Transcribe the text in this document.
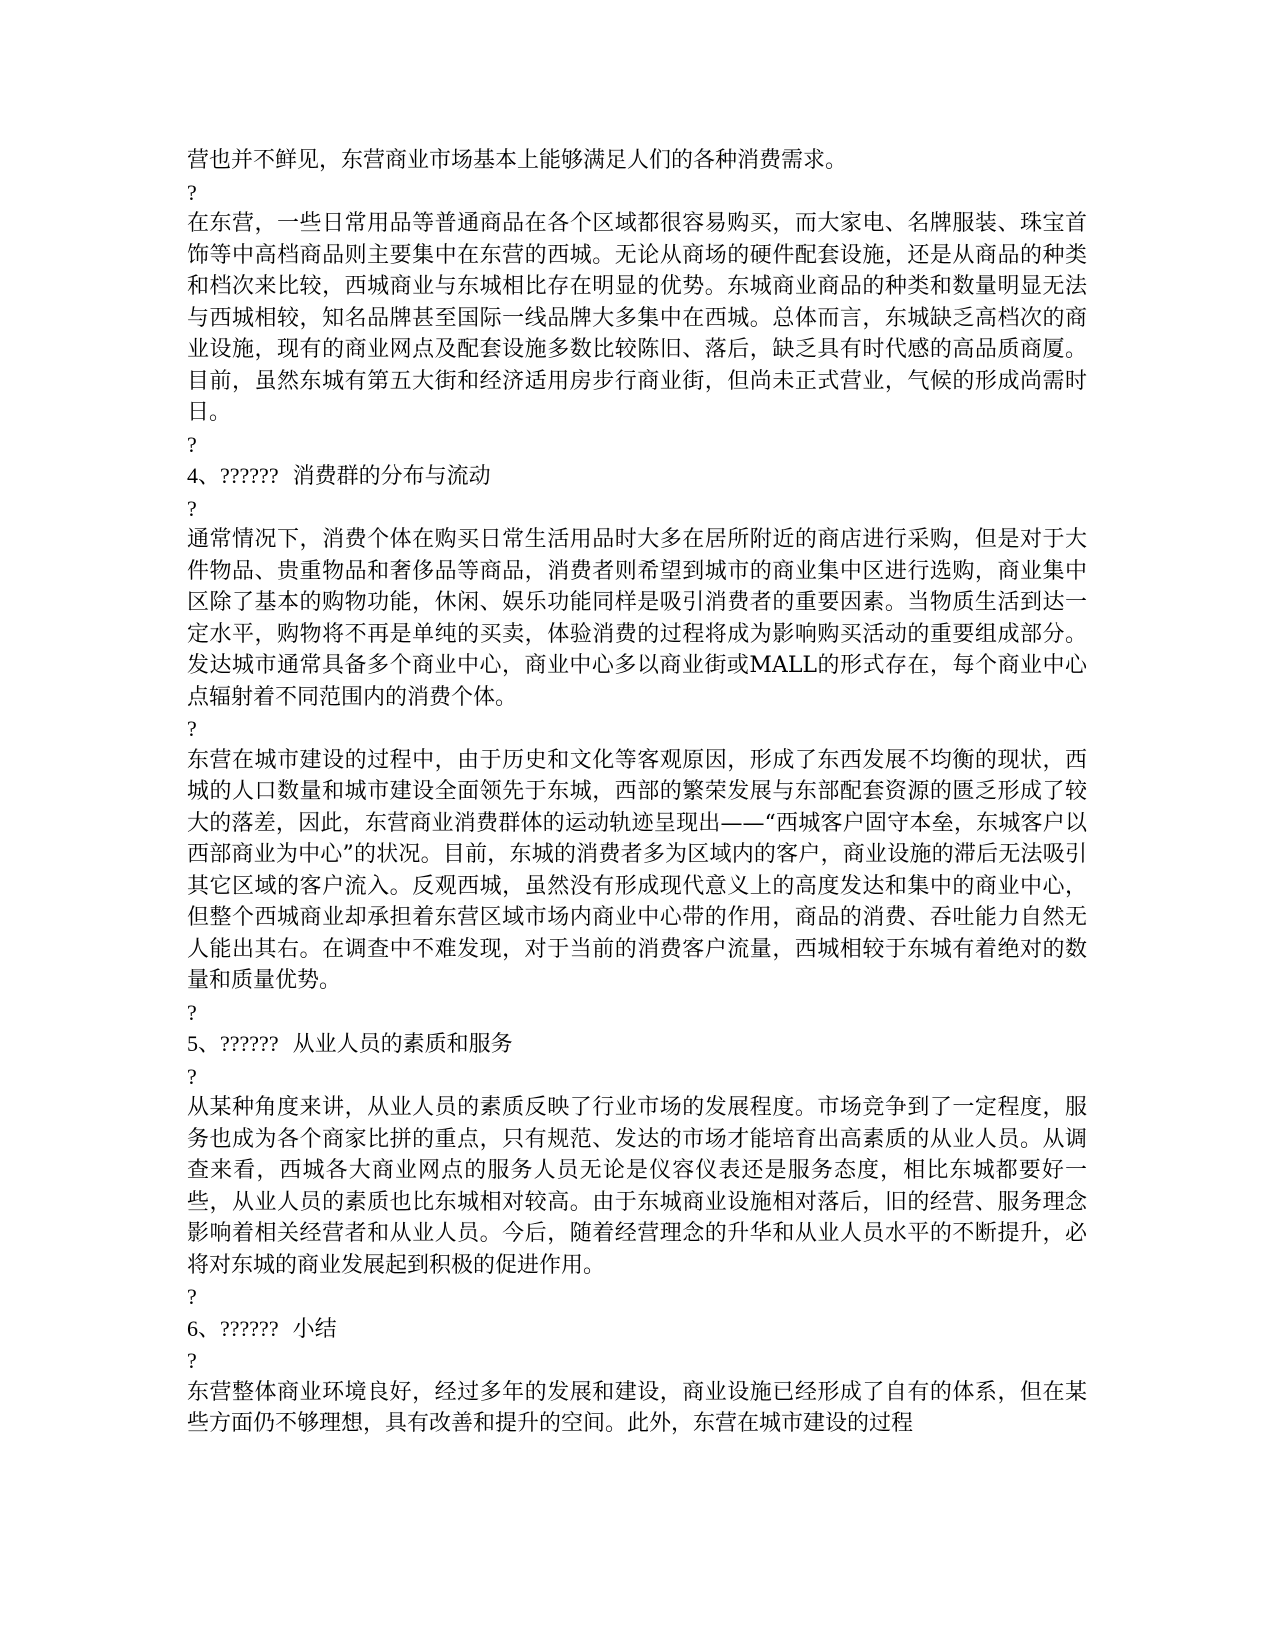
营也并不鲜见，东营商业市场基本上能够满足人们的各种消费需求。

?

在东营，一些日常用品等普通商品在各个区域都很容易购买，而大家电、名牌服装、珠宝首饰等中高档商品则主要集中在东营的西城。无论从商场的硬件配套设施，还是从商品的种类和档次来比较，西城商业与东城相比存在明显的优势。东城商业商品的种类和数量明显无法与西城相较，知名品牌甚至国际一线品牌大多集中在西城。总体而言，东城缺乏高档次的商业设施，现有的商业网点及配套设施多数比较陈旧、落后，缺乏具有时代感的高品质商厦。目前，虽然东城有第五大街和经济适用房步行商业街，但尚未正式营业，气候的形成尚需时日。

?

4、?????? 消费群的分布与流动

?

通常情况下，消费个体在购买日常生活用品时大多在居所附近的商店进行采购，但是对于大件物品、贵重物品和奢侈品等商品，消费者则希望到城市的商业集中区进行选购，商业集中区除了基本的购物功能，休闲、娱乐功能同样是吸引消费者的重要因素。当物质生活到达一定水平，购物将不再是单纯的买卖，体验消费的过程将成为影响购买活动的重要组成部分。发达城市通常具备多个商业中心，商业中心多以商业街或MALL的形式存在，每个商业中心点辐射着不同范围内的消费个体。

?

东营在城市建设的过程中，由于历史和文化等客观原因，形成了东西发展不均衡的现状，西城的人口数量和城市建设全面领先于东城，西部的繁荣发展与东部配套资源的匮乏形成了较大的落差，因此，东营商业消费群体的运动轨迹呈现出——“西城客户固守本垒，东城客户以西部商业为中心”的状况。目前，东城的消费者多为区域内的客户，商业设施的滞后无法吸引其它区域的客户流入。反观西城，虽然没有形成现代意义上的高度发达和集中的商业中心，但整个西城商业却承担着东营区域市场内商业中心带的作用，商品的消费、吞吐能力自然无人能出其右。在调查中不难发现，对于当前的消费客户流量，西城相较于东城有着绝对的数量和质量优势。

?

5、?????? 从业人员的素质和服务

?

从某种角度来讲，从业人员的素质反映了行业市场的发展程度。市场竞争到了一定程度，服务也成为各个商家比拼的重点，只有规范、发达的市场才能培育出高素质的从业人员。从调查来看，西城各大商业网点的服务人员无论是仪容仪表还是服务态度，相比东城都要好一些，从业人员的素质也比东城相对较高。由于东城商业设施相对落后，旧的经营、服务理念影响着相关经营者和从业人员。今后，随着经营理念的升华和从业人员水平的不断提升，必将对东城的商业发展起到积极的促进作用。

?

6、?????? 小结

?

东营整体商业环境良好，经过多年的发展和建设，商业设施已经形成了自有的体系，但在某些方面仍不够理想，具有改善和提升的空间。此外，东营在城市建设的过程
